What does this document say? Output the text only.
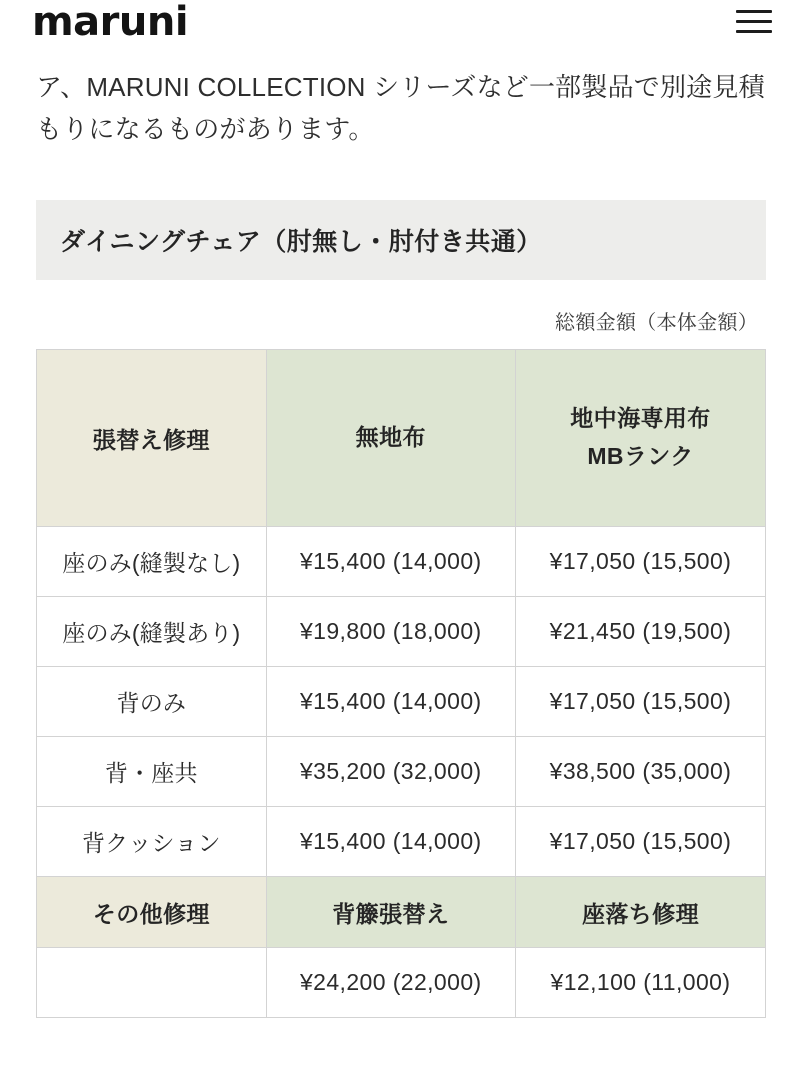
maruni

ア、MARUNI COLLECTION シリーズなど一部製品で別途見積もりになるものがあります。

ダイニングチェア（肘無し・肘付き共通）
総額金額（本体金額）
張替え修理	無地布	地中海専用布
MBランク

座のみ(縫製なし)	¥15,400 (14,000)	¥17,050 (15,500)
座のみ(縫製あり)	¥19,800 (18,000)	¥21,450 (19,500)
背のみ	¥15,400 (14,000)	¥17,050 (15,500)
背・座共	¥35,200 (32,000)	¥38,500 (35,000)
背クッション	¥15,400 (14,000)	¥17,050 (15,500)
その他修理	背籐張替え	座落ち修理
	¥24,200 (22,000)	¥12,100 (11,000)
